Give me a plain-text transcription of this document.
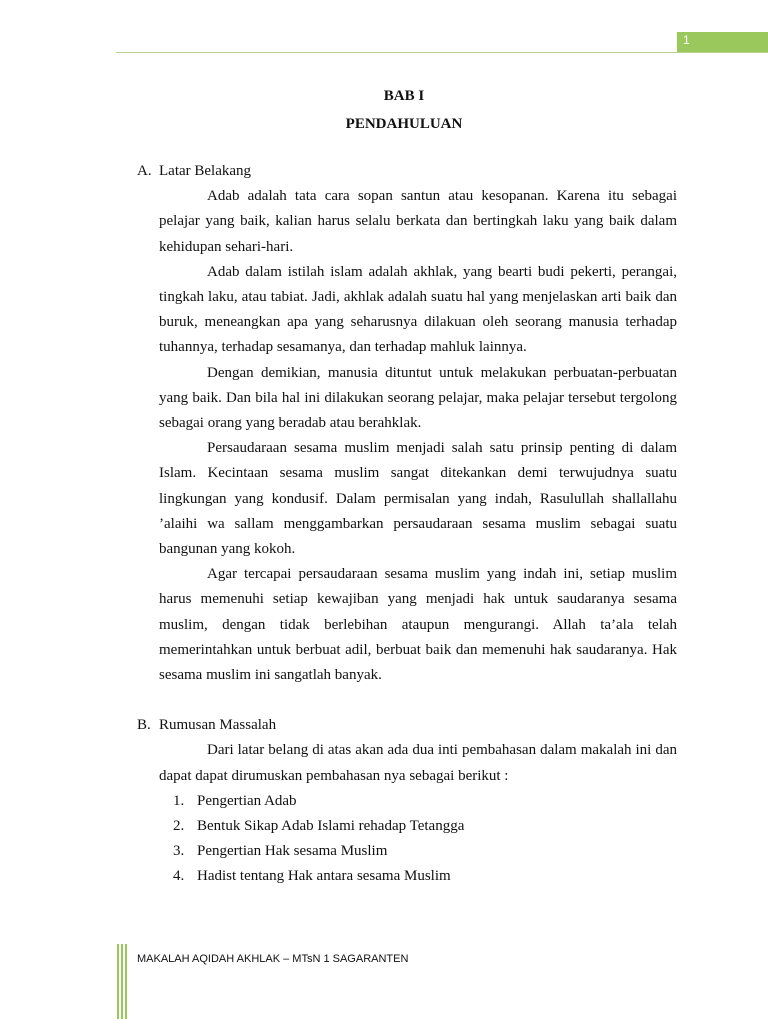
1
BAB I
PENDAHULUAN
A. Latar Belakang

Adab adalah tata cara sopan santun atau kesopanan. Karena itu sebagai pelajar yang baik, kalian harus selalu berkata dan bertingkah laku yang baik dalam kehidupan sehari-hari.

Adab dalam istilah islam adalah akhlak, yang bearti budi pekerti, perangai, tingkah laku, atau tabiat. Jadi, akhlak adalah suatu hal yang menjelaskan arti baik dan buruk, meneangkan apa yang seharusnya dilakuan oleh seorang manusia terhadap tuhannya, terhadap sesamanya, dan terhadap mahluk lainnya.

Dengan demikian, manusia dituntut untuk melakukan perbuatan-perbuatan yang baik. Dan bila hal ini dilakukan seorang pelajar, maka pelajar tersebut tergolong sebagai orang yang beradab atau berahklak.

Persaudaraan sesama muslim menjadi salah satu prinsip penting di dalam Islam. Kecintaan sesama muslim sangat ditekankan demi terwujudnya suatu lingkungan yang kondusif. Dalam permisalan yang indah, Rasulullah shallallahu ’alaihi wa sallam menggambarkan persaudaraan sesama muslim sebagai suatu bangunan yang kokoh.

Agar tercapai persaudaraan sesama muslim yang indah ini, setiap muslim harus memenuhi setiap kewajiban yang menjadi hak untuk saudaranya sesama muslim, dengan tidak berlebihan ataupun mengurangi. Allah ta’ala telah memerintahkan untuk berbuat adil, berbuat baik dan memenuhi hak saudaranya. Hak sesama muslim ini sangatlah banyak.

B. Rumusan Massalah

Dari latar belang di atas akan ada dua inti pembahasan dalam makalah ini dan dapat dapat dirumuskan pembahasan nya sebagai berikut :

1. Pengertian Adab
2. Bentuk Sikap Adab Islami rehadap Tetangga
3. Pengertian Hak sesama Muslim
4. Hadist tentang Hak antara sesama Muslim
MAKALAH AQIDAH AKHLAK – MTsN 1 SAGARANTEN
